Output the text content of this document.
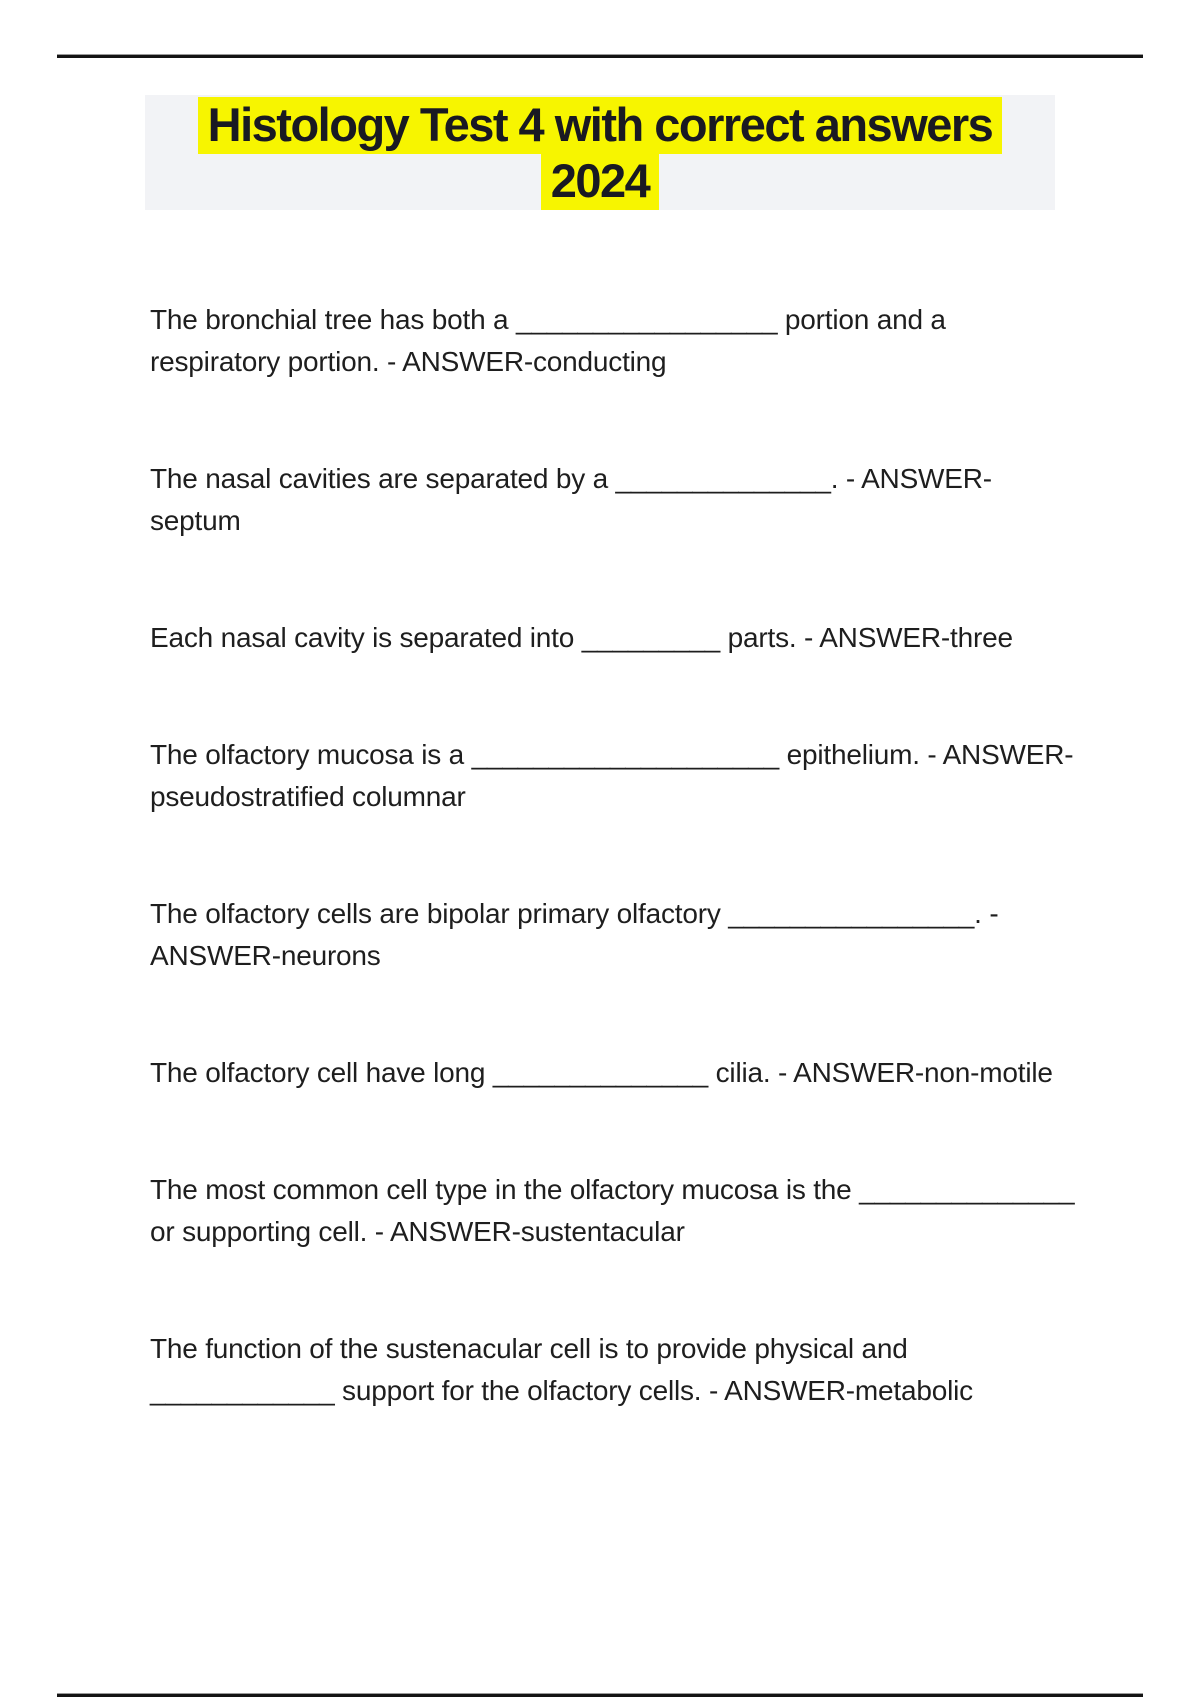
Histology Test 4 with correct answers
2024

The bronchial tree has both a _________________ portion and a respiratory portion. - ANSWER-conducting

The nasal cavities are separated by a ______________. - ANSWER-septum

Each nasal cavity is separated into _________ parts. - ANSWER-three

The olfactory mucosa is a ____________________ epithelium. - ANSWER-pseudostratified columnar

The olfactory cells are bipolar primary olfactory ________________. - ANSWER-neurons

The olfactory cell have long ______________ cilia. - ANSWER-non-motile

The most common cell type in the olfactory mucosa is the ______________ or supporting cell. - ANSWER-sustentacular

The function of the sustenacular cell is to provide physical and ____________ support for the olfactory cells. - ANSWER-metabolic
